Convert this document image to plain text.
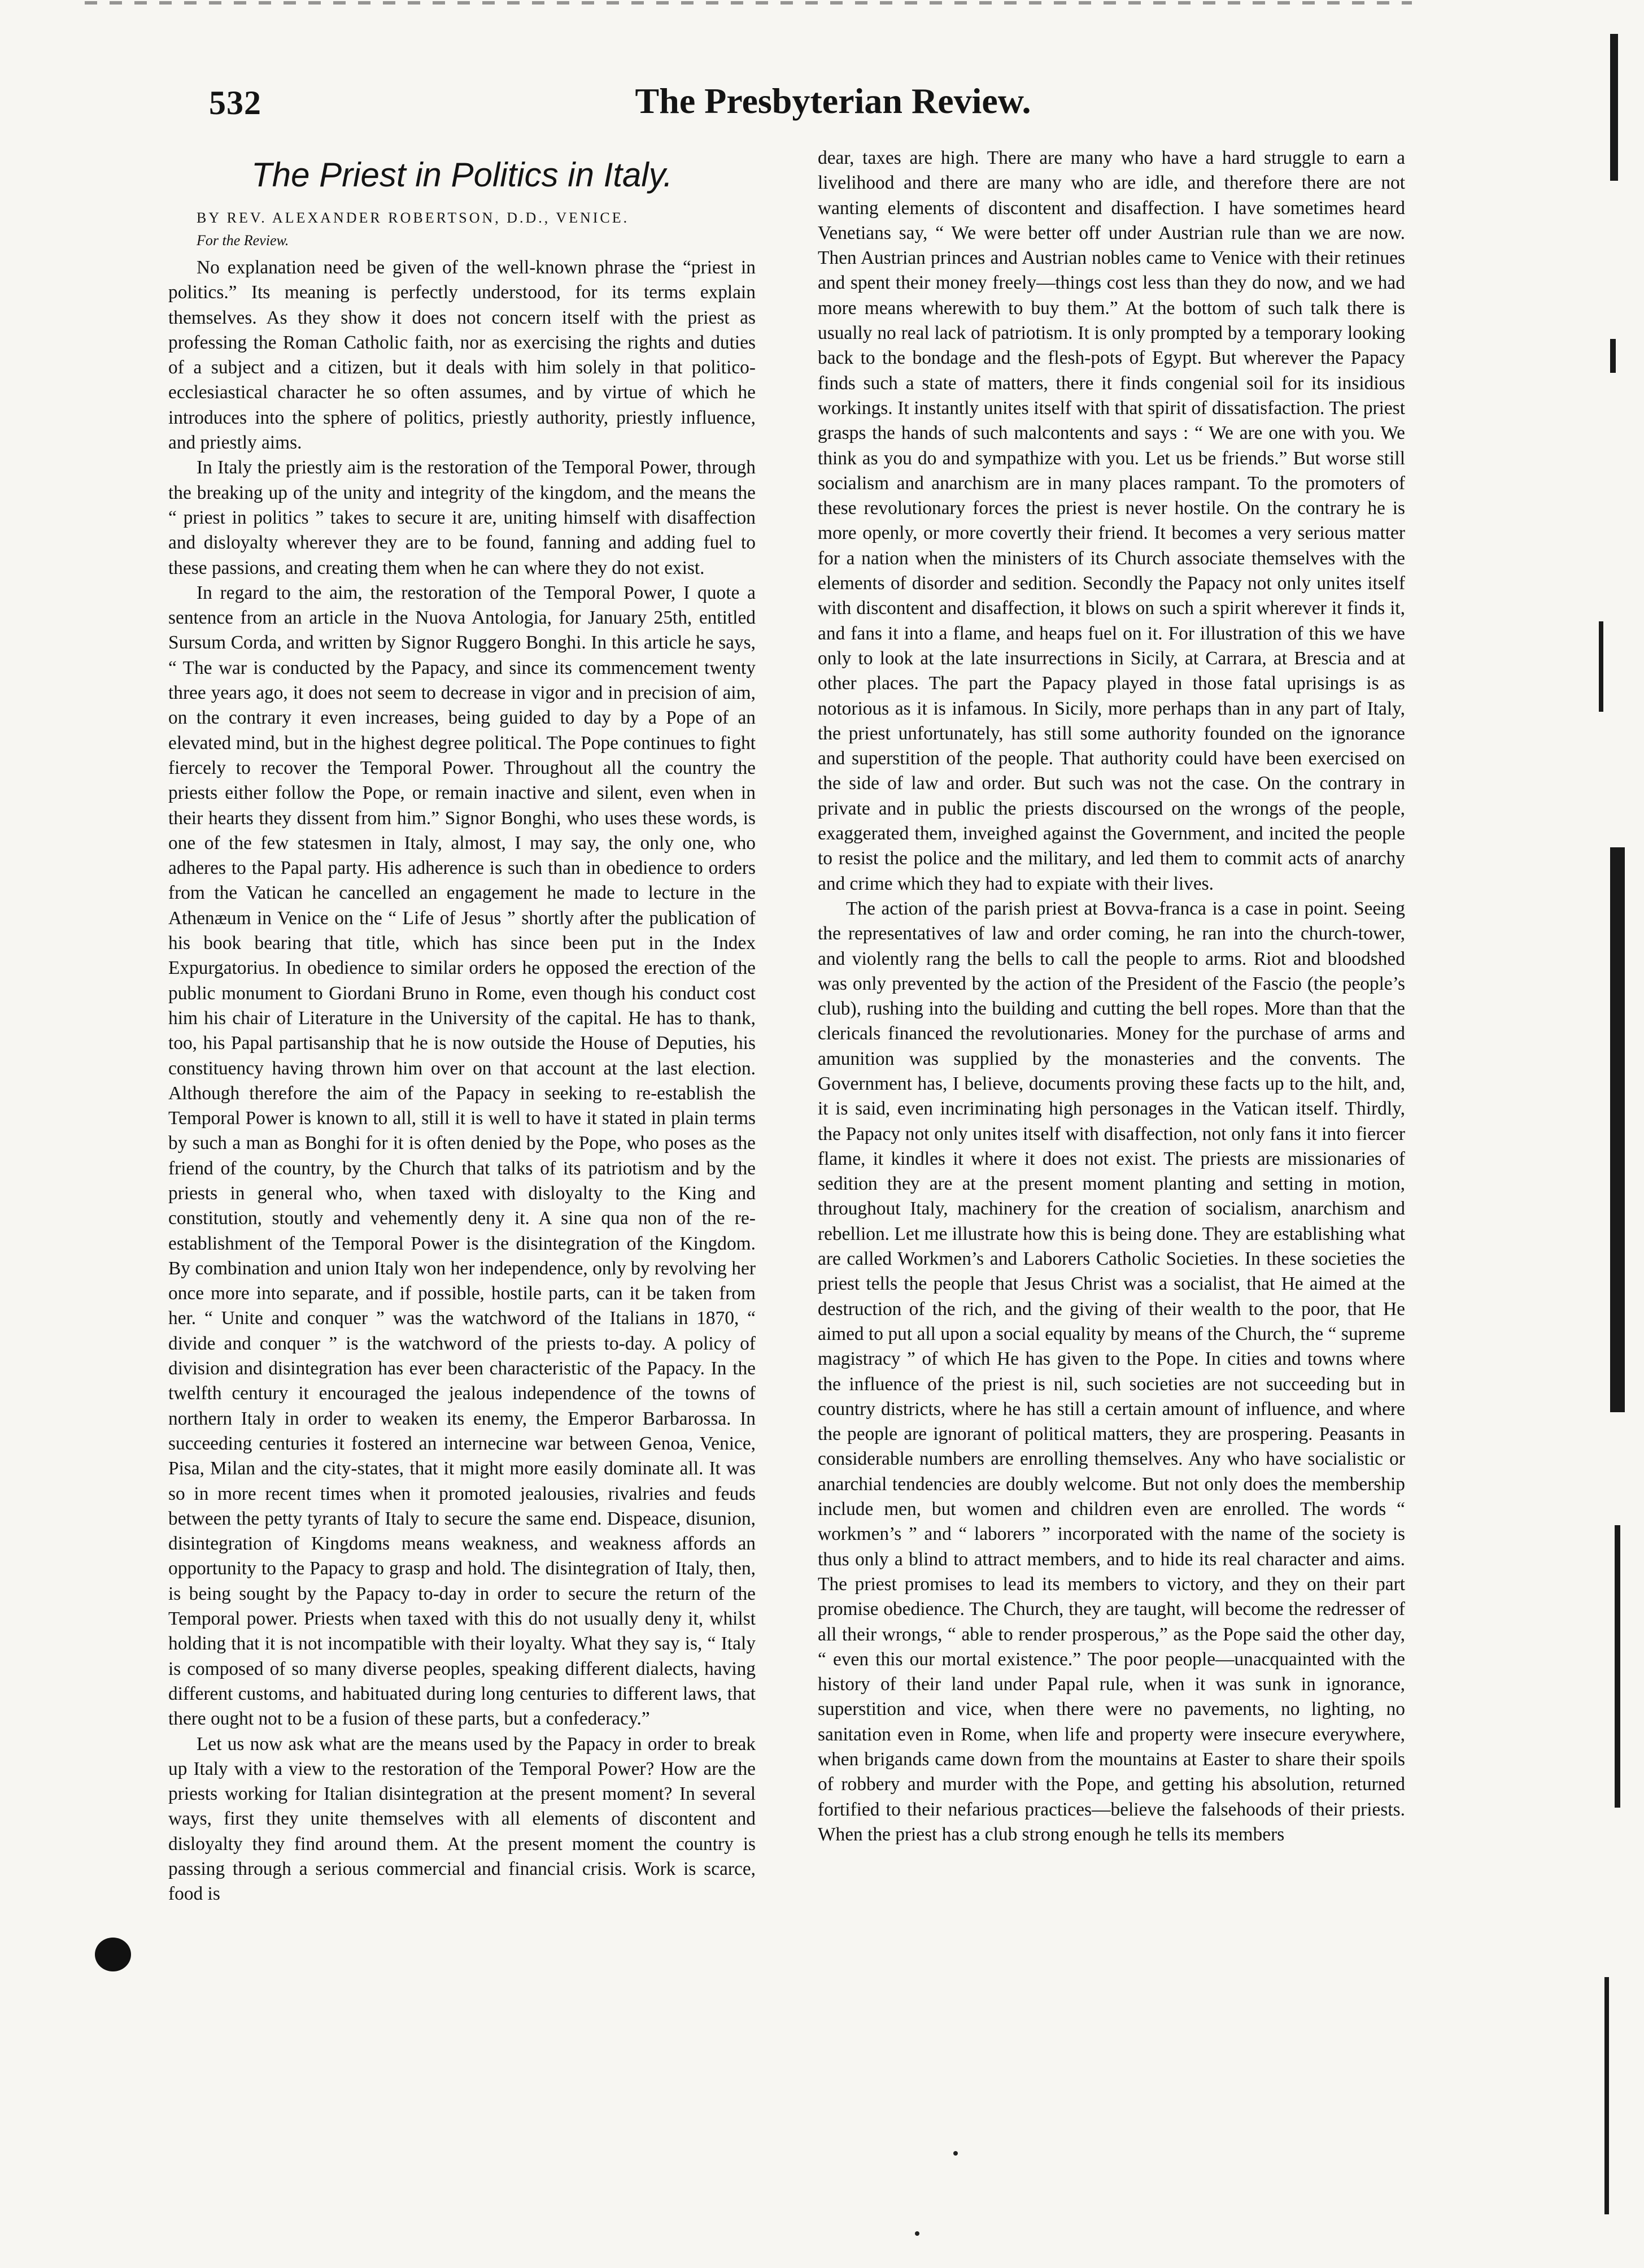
532	The Presbyterian Review.
The Priest in Politics in Italy.
BY REV. ALEXANDER ROBERTSON, D.D., VENICE.
For the Review.

No explanation need be given of the well-known phrase the “priest in politics.” Its meaning is perfectly understood, for its terms explain themselves. As they show it does not concern itself with the priest as professing the Roman Catholic faith, nor as exercising the rights and duties of a subject and a citizen, but it deals with him solely in that politico-ecclesiastical character he so often assumes, and by virtue of which he introduces into the sphere of politics, priestly authority, priestly influence, and priestly aims.

In Italy the priestly aim is the restoration of the Temporal Power, through the breaking up of the unity and integrity of the kingdom, and the means the “ priest in politics ” takes to secure it are, uniting himself with disaffection and disloyalty wherever they are to be found, fanning and adding fuel to these passions, and creating them when he can where they do not exist.

In regard to the aim, the restoration of the Temporal Power, I quote a sentence from an article in the Nuova Antologia, for January 25th, entitled Sursum Corda, and written by Signor Ruggero Bonghi. In this article he says, “ The war is conducted by the Papacy, and since its commencement twenty three years ago, it does not seem to decrease in vigor and in precision of aim, on the contrary it even increases, being guided to day by a Pope of an elevated mind, but in the highest degree political. The Pope continues to fight fiercely to recover the Temporal Power. Throughout all the country the priests either follow the Pope, or remain inactive and silent, even when in their hearts they dissent from him.” Signor Bonghi, who uses these words, is one of the few statesmen in Italy, almost, I may say, the only one, who adheres to the Papal party. His adherence is such than in obedience to orders from the Vatican he cancelled an engagement he made to lecture in the Athenæum in Venice on the “ Life of Jesus ” shortly after the publication of his book bearing that title, which has since been put in the Index Expurgatorius. In obedience to similar orders he opposed the erection of the public monument to Giordani Bruno in Rome, even though his conduct cost him his chair of Literature in the University of the capital. He has to thank, too, his Papal partisanship that he is now outside the House of Deputies, his constituency having thrown him over on that account at the last election. Although therefore the aim of the Papacy in seeking to re-establish the Temporal Power is known to all, still it is well to have it stated in plain terms by such a man as Bonghi for it is often denied by the Pope, who poses as the friend of the country, by the Church that talks of its patriotism and by the priests in general who, when taxed with disloyalty to the King and constitution, stoutly and vehemently deny it. A sine qua non of the re-establishment of the Temporal Power is the disintegration of the Kingdom. By combination and union Italy won her independence, only by revolving her once more into separate, and if possible, hostile parts, can it be taken from her. “ Unite and conquer ” was the watchword of the Italians in 1870, “ divide and conquer ” is the watchword of the priests to-day. A policy of division and disintegration has ever been characteristic of the Papacy. In the twelfth century it encouraged the jealous independence of the towns of northern Italy in order to weaken its enemy, the Emperor Barbarossa. In succeeding centuries it fostered an internecine war between Genoa, Venice, Pisa, Milan and the city-states, that it might more easily dominate all. It was so in more recent times when it promoted jealousies, rivalries and feuds between the petty tyrants of Italy to secure the same end. Dispeace, disunion, disintegration of Kingdoms means weakness, and weakness affords an opportunity to the Papacy to grasp and hold. The disintegration of Italy, then, is being sought by the Papacy to-day in order to secure the return of the Temporal power. Priests when taxed with this do not usually deny it, whilst holding that it is not incompatible with their loyalty. What they say is, “ Italy is composed of so many diverse peoples, speaking different dialects, having different customs, and habituated during long centuries to different laws, that there ought not to be a fusion of these parts, but a confederacy.”

Let us now ask what are the means used by the Papacy in order to break up Italy with a view to the restoration of the Temporal Power? How are the priests working for Italian disintegration at the present moment? In several ways, first they unite themselves with all elements of discontent and disloyalty they find around them. At the present moment the country is passing through a serious commercial and financial crisis. Work is scarce, food is

dear, taxes are high. There are many who have a hard struggle to earn a livelihood and there are many who are idle, and therefore there are not wanting elements of discontent and disaffection. I have sometimes heard Venetians say, “ We were better off under Austrian rule than we are now. Then Austrian princes and Austrian nobles came to Venice with their retinues and spent their money freely—things cost less than they do now, and we had more means wherewith to buy them.” At the bottom of such talk there is usually no real lack of patriotism. It is only prompted by a temporary looking back to the bondage and the flesh-pots of Egypt. But wherever the Papacy finds such a state of matters, there it finds congenial soil for its insidious workings. It instantly unites itself with that spirit of dissatisfaction. The priest grasps the hands of such malcontents and says : “ We are one with you. We think as you do and sympathize with you. Let us be friends.” But worse still socialism and anarchism are in many places rampant. To the promoters of these revolutionary forces the priest is never hostile. On the contrary he is more openly, or more covertly their friend. It becomes a very serious matter for a nation when the ministers of its Church associate themselves with the elements of disorder and sedition. Secondly the Papacy not only unites itself with discontent and disaffection, it blows on such a spirit wherever it finds it, and fans it into a flame, and heaps fuel on it. For illustration of this we have only to look at the late insurrections in Sicily, at Carrara, at Brescia and at other places. The part the Papacy played in those fatal uprisings is as notorious as it is infamous. In Sicily, more perhaps than in any part of Italy, the priest unfortunately, has still some authority founded on the ignorance and superstition of the people. That authority could have been exercised on the side of law and order. But such was not the case. On the contrary in private and in public the priests discoursed on the wrongs of the people, exaggerated them, inveighed against the Government, and incited the people to resist the police and the military, and led them to commit acts of anarchy and crime which they had to expiate with their lives.

The action of the parish priest at Bovva-franca is a case in point. Seeing the representatives of law and order coming, he ran into the church-tower, and violently rang the bells to call the people to arms. Riot and bloodshed was only prevented by the action of the President of the Fascio (the people’s club), rushing into the building and cutting the bell ropes. More than that the clericals financed the revolutionaries. Money for the purchase of arms and amunition was supplied by the monasteries and the convents. The Government has, I believe, documents proving these facts up to the hilt, and, it is said, even incriminating high personages in the Vatican itself. Thirdly, the Papacy not only unites itself with disaffection, not only fans it into fiercer flame, it kindles it where it does not exist. The priests are missionaries of sedition they are at the present moment planting and setting in motion, throughout Italy, machinery for the creation of socialism, anarchism and rebellion. Let me illustrate how this is being done. They are establishing what are called Workmen’s and Laborers Catholic Societies. In these societies the priest tells the people that Jesus Christ was a socialist, that He aimed at the destruction of the rich, and the giving of their wealth to the poor, that He aimed to put all upon a social equality by means of the Church, the “ supreme magistracy ” of which He has given to the Pope. In cities and towns where the influence of the priest is nil, such societies are not succeeding but in country districts, where he has still a certain amount of influence, and where the people are ignorant of political matters, they are prospering. Peasants in considerable numbers are enrolling themselves. Any who have socialistic or anarchial tendencies are doubly welcome. But not only does the membership include men, but women and children even are enrolled. The words “ workmen’s ” and “ laborers ” incorporated with the name of the society is thus only a blind to attract members, and to hide its real character and aims. The priest promises to lead its members to victory, and they on their part promise obedience. The Church, they are taught, will become the redresser of all their wrongs, “ able to render prosperous,” as the Pope said the other day, “ even this our mortal existence.” The poor people—unacquainted with the history of their land under Papal rule, when it was sunk in ignorance, superstition and vice, when there were no pavements, no lighting, no sanitation even in Rome, when life and property were insecure everywhere, when brigands came down from the mountains at Easter to share their spoils of robbery and murder with the Pope, and getting his absolution, returned fortified to their nefarious practices—believe the falsehoods of their priests. When the priest has a club strong enough he tells its members
